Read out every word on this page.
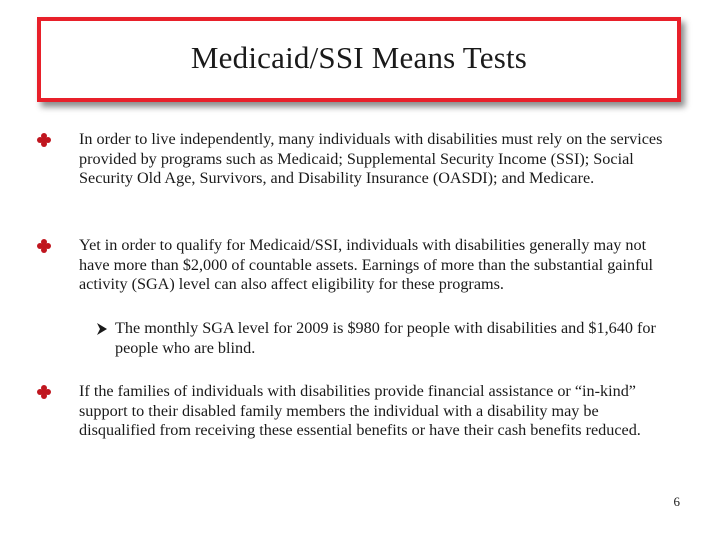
Medicaid/SSI Means Tests
In order to live independently, many individuals with disabilities must rely on the services provided by programs such as Medicaid; Supplemental Security Income (SSI); Social Security Old Age, Survivors, and Disability Insurance (OASDI); and Medicare.
Yet in order to qualify for Medicaid/SSI, individuals with disabilities generally may not have more than $2,000 of countable assets. Earnings of more than the substantial gainful activity (SGA) level can also affect eligibility for these programs.
The monthly SGA level for 2009 is $980 for people with disabilities and $1,640 for people who are blind.
If the families of individuals with disabilities provide financial assistance or “in-kind” support to their disabled family members the individual with a disability may be disqualified from receiving these essential benefits or have their cash benefits reduced.
6
